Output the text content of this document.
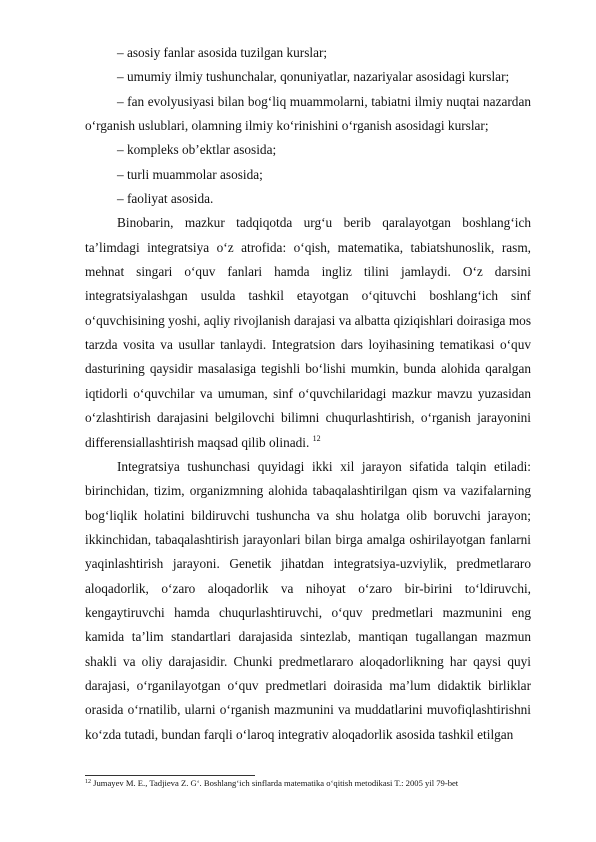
– asosiy fanlar asosida tuzilgan kurslar;

– umumiy ilmiy tushunchalar, qonuniyatlar, nazariyalar asosidagi kurslar;

– fan evolyusiyasi bilan bog‘liq muammolarni, tabiatni ilmiy nuqtai nazardan o‘rganish uslublari, olamning ilmiy ko‘rinishini o‘rganish asosidagi kurslar;

– kompleks ob’ektlar asosida;

– turli muammolar asosida;

– faoliyat asosida.

Binobarin, mazkur tadqiqotda urg‘u berib qaralayotgan boshlang‘ich ta’limdagi integratsiya o‘z atrofida: o‘qish, matematika, tabiatshunoslik, rasm, mehnat singari o‘quv fanlari hamda ingliz tilini jamlaydi. O‘z darsini integratsiyalashgan usulda tashkil etayotgan o‘qituvchi boshlang‘ich sinf o‘quvchisining yoshi, aqliy rivojlanish darajasi va albatta qiziqishlari doirasiga mos tarzda vosita va usullar tanlaydi. Integratsion dars loyihasining tematikasi o‘quv dasturining qaysidir masalasiga tegishli bo‘lishi mumkin, bunda alohida qaralgan iqtidorli o‘quvchilar va umuman, sinf o‘quvchilaridagi mazkur mavzu yuzasidan o‘zlashtirish darajasini belgilovchi bilimni chuqurlashtirish, o‘rganish jarayonini differensiallashtirish maqsad qilib olinadi. $^{12}$

Integratsiya tushunchasi quyidagi ikki xil jarayon sifatida talqin etiladi: birinchidan, tizim, organizmning alohida tabaqalashtirilgan qism va vazifalarning bog‘liqlik holatini bildiruvchi tushuncha va shu holatga olib boruvchi jarayon; ikkinchidan, tabaqalashtirish jarayonlari bilan birga amalga oshirilayotgan fanlarni yaqinlashtirish jarayoni. Genetik jihatdan integratsiya-uzviylik, predmetlararo aloqadorlik, o‘zaro aloqadorlik va nihoyat o‘zaro bir-birini to‘ldiruvchi, kengaytiruvchi hamda chuqurlashtiruvchi, o‘quv predmetlari mazmunini eng kamida ta’lim standartlari darajasida sintezlab, mantiqan tugallangan mazmun shakli va oliy darajasidir. Chunki predmetlararo aloqadorlikning har qaysi quyi darajasi, o‘rganilayotgan o‘quv predmetlari doirasida ma’lum didaktik birliklar orasida o‘rnatilib, ularni o‘rganish mazmunini va muddatlarini muvofiqlashtirishni ko‘zda tutadi, bundan farqli o‘laroq integrativ aloqadorlik asosida tashkil etilgan

$^{12}$ Jumayev M. E., Tadjieva Z. G‘. Boshlang‘ich sinflarda matematika o‘qitish metodikasi T.: 2005 yil 79-bet
